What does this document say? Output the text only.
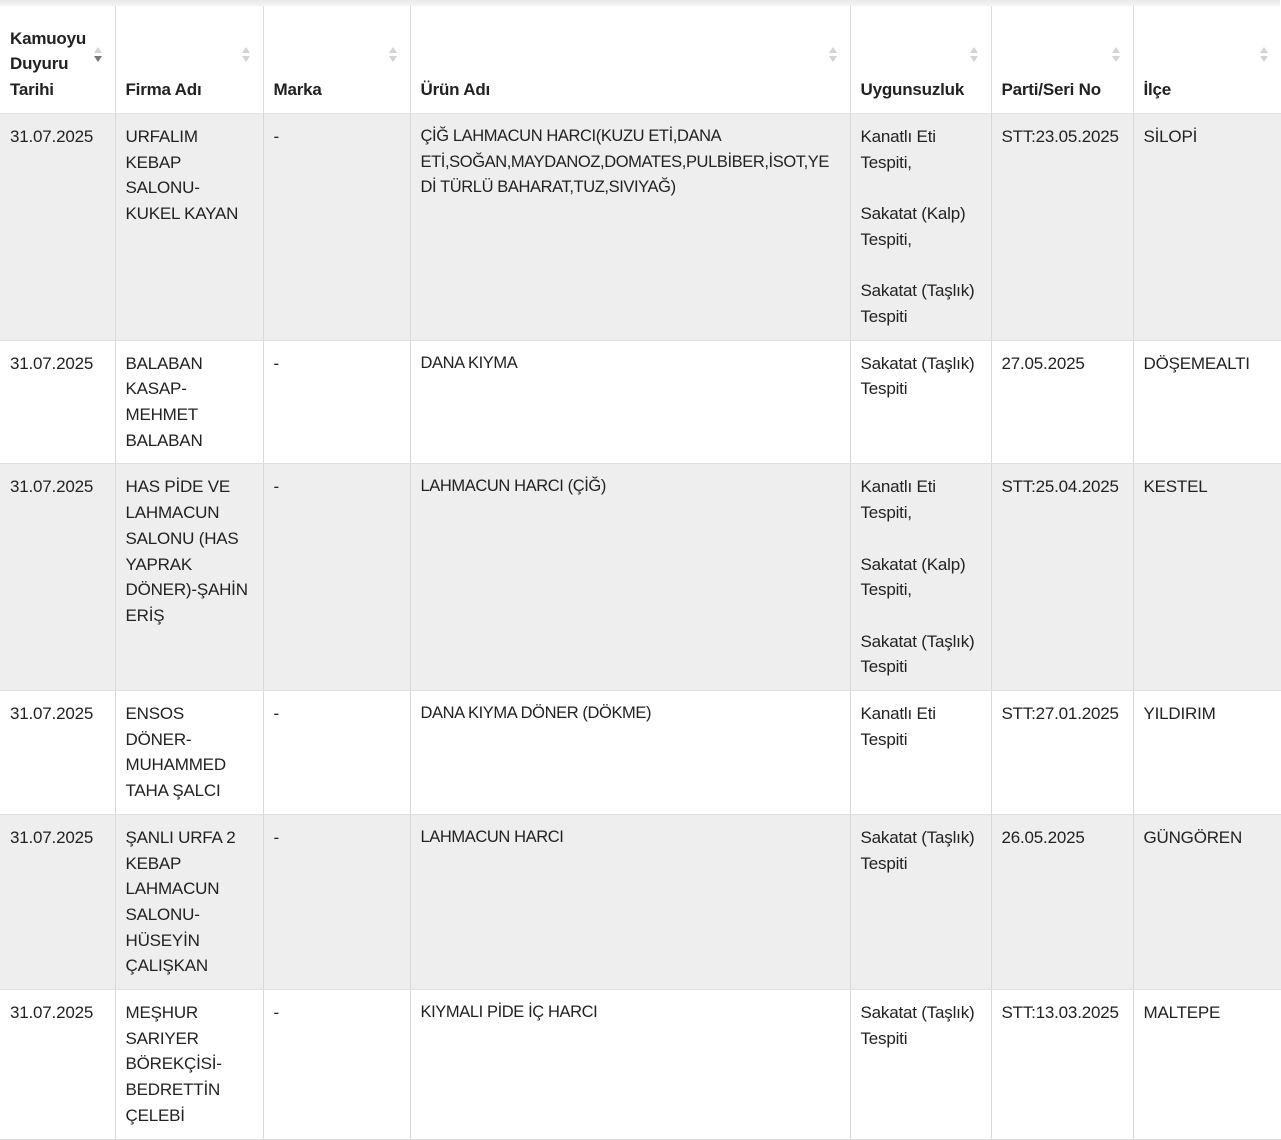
Kamuoyu Duyuru Tarihi	Firma Adı	Marka	Ürün Adı	Uygunsuzluk	Parti/Seri No	İlçe

31.07.2025	URFALIM KEBAP SALONU-KUKEL KAYAN	-	ÇİĞ LAHMACUN HARCI(KUZU ETİ,DANA ETİ,SOĞAN,MAYDANOZ,DOMATES,PULBİBER,İSOT,YEDİ TÜRLÜ BAHARAT,TUZ,SIVIYAĞ)	Kanatlı Eti Tespiti,
Sakatat (Kalp) Tespiti,
Sakatat (Taşlık) Tespiti	STT:23.05.2025	SİLOPİ
31.07.2025	BALABAN KASAP-MEHMET BALABAN	-	DANA KIYMA	Sakatat (Taşlık) Tespiti	27.05.2025	DÖŞEMEALTI
31.07.2025	HAS PİDE VE LAHMACUN SALONU (HAS YAPRAK DÖNER)-ŞAHİN ERİŞ	-	LAHMACUN HARCI (ÇİĞ)	Kanatlı Eti Tespiti,
Sakatat (Kalp) Tespiti,
Sakatat (Taşlık) Tespiti	STT:25.04.2025	KESTEL
31.07.2025	ENSOS DÖNER-MUHAMMED TAHA ŞALCI	-	DANA KIYMA DÖNER (DÖKME)	Kanatlı Eti Tespiti	STT:27.01.2025	YILDIRIM
31.07.2025	ŞANLI URFA 2 KEBAP LAHMACUN SALONU-HÜSEYİN ÇALIŞKAN	-	LAHMACUN HARCI	Sakatat (Taşlık) Tespiti	26.05.2025	GÜNGÖREN
31.07.2025	MEŞHUR SARIYER BÖREKÇİSİ-BEDRETTİN ÇELEBİ	-	KIYMALI PİDE İÇ HARCI	Sakatat (Taşlık) Tespiti	STT:13.03.2025	MALTEPE
